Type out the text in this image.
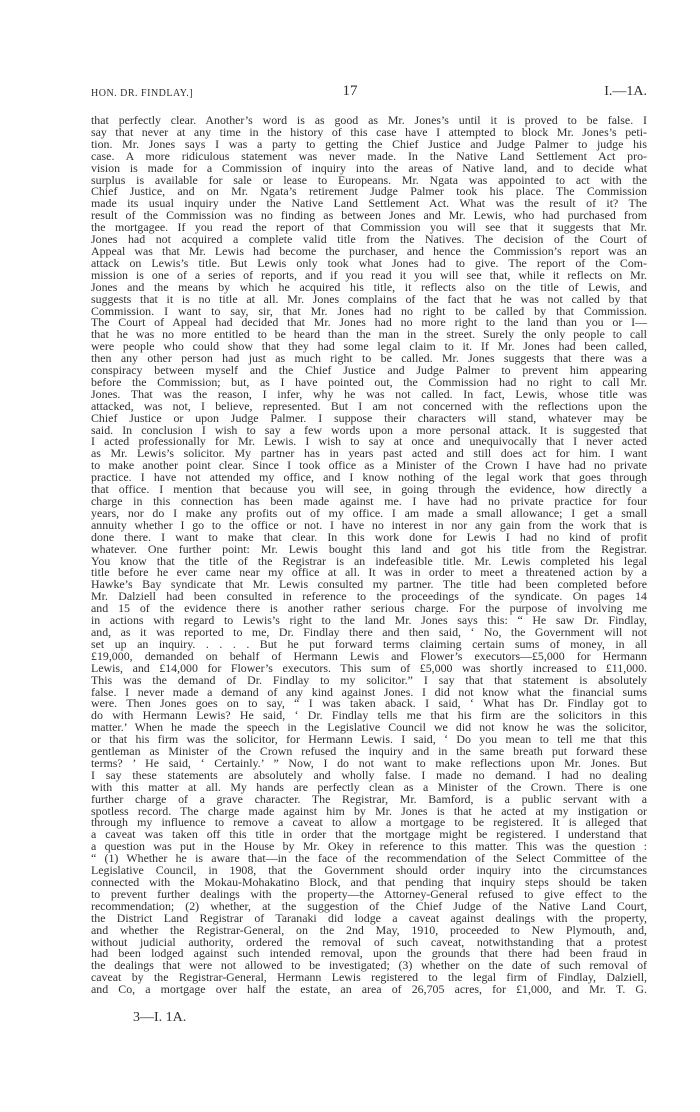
HON. DR. FINDLAY.]	17	I.—1A.
that perfectly clear. Another’s word is as good as Mr. Jones’s until it is proved to be false. I
say that never at any time in the history of this case have I attempted to block Mr. Jones’s peti-
tion. Mr. Jones says I was a party to getting the Chief Justice and Judge Palmer to judge his
case. A more ridiculous statement was never made. In the Native Land Settlement Act pro-
vision is made for a Commission of inquiry into the areas of Native land, and to decide what
surplus is available for sale or lease to Europeans. Mr. Ngata was appointed to act with the
Chief Justice, and on Mr. Ngata’s retirement Judge Palmer took his place. The Commission
made its usual inquiry under the Native Land Settlement Act. What was the result of it? The
result of the Commission was no finding as between Jones and Mr. Lewis, who had purchased from
the mortgagee. If you read the report of that Commission you will see that it suggests that Mr.
Jones had not acquired a complete valid title from the Natives. The decision of the Court of
Appeal was that Mr. Lewis had become the purchaser, and hence the Commission’s report was an
attack on Lewis’s title. But Lewis only took what Jones had to give. The report of the Com-
mission is one of a series of reports, and if you read it you will see that, while it reflects on Mr.
Jones and the means by which he acquired his title, it reflects also on the title of Lewis, and
suggests that it is no title at all. Mr. Jones complains of the fact that he was not called by that
Commission. I want to say, sir, that Mr. Jones had no right to be called by that Commission.
The Court of Appeal had decided that Mr. Jones had no more right to the land than you or I—
that he was no more entitled to be heard than the man in the street. Surely the only people to call
were people who could show that they had some legal claim to it. If Mr. Jones had been called,
then any other person had just as much right to be called. Mr. Jones suggests that there was a
conspiracy between myself and the Chief Justice and Judge Palmer to prevent him appearing
before the Commission; but, as I have pointed out, the Commission had no right to call Mr.
Jones. That was the reason, I infer, why he was not called. In fact, Lewis, whose title was
attacked, was not, I believe, represented. But I am not concerned with the reflections upon the
Chief Justice or upon Judge Palmer. I suppose their characters will stand, whatever may be
said. In conclusion I wish to say a few words upon a more personal attack. It is suggested that
I acted professionally for Mr. Lewis. I wish to say at once and unequivocally that I never acted
as Mr. Lewis’s solicitor. My partner has in years past acted and still does act for him. I want
to make another point clear. Since I took office as a Minister of the Crown I have had no private
practice. I have not attended my office, and I know nothing of the legal work that goes through
that office. I mention that because you will see, in going through the evidence, how directly a
charge in this connection has been made against me. I have had no private practice for four
years, nor do I make any profits out of my office. I am made a small allowance; I get a small
annuity whether I go to the office or not. I have no interest in nor any gain from the work that is
done there. I want to make that clear. In this work done for Lewis I had no kind of profit
whatever. One further point: Mr. Lewis bought this land and got his title from the Registrar.
You know that the title of the Registrar is an indefeasible title. Mr. Lewis completed his legal
title before he ever came near my office at all. It was in order to meet a threatened action by a
Hawke’s Bay syndicate that Mr. Lewis consulted my partner. The title had been completed before
Mr. Dalziell had been consulted in reference to the proceedings of the syndicate. On pages 14
and 15 of the evidence there is another rather serious charge. For the purpose of involving me
in actions with regard to Lewis’s right to the land Mr. Jones says this: “ He saw Dr. Findlay,
and, as it was reported to me, Dr. Findlay there and then said, ‘ No, the Government will not
set up an inquiry. . . . . But he put forward terms claiming certain sums of money, in all
£19,000, demanded on behalf of Hermann Lewis and Flower’s executors—£5,000 for Hermann
Lewis, and £14,000 for Flower’s executors. This sum of £5,000 was shortly increased to £11,000.
This was the demand of Dr. Findlay to my solicitor.” I say that that statement is absolutely
false. I never made a demand of any kind against Jones. I did not know what the financial sums
were. Then Jones goes on to say, “ I was taken aback. I said, ‘ What has Dr. Findlay got to
do with Hermann Lewis? He said, ‘ Dr. Findlay tells me that his firm are the solicitors in this
matter.’ When he made the speech in the Legislative Council we did not know he was the solicitor,
or that his firm was the solicitor, for Hermann Lewis. I said, ‘ Do you mean to tell me that this
gentleman as Minister of the Crown refused the inquiry and in the same breath put forward these
terms? ’ He said, ‘ Certainly.’ ” Now, I do not want to make reflections upon Mr. Jones. But
I say these statements are absolutely and wholly false. I made no demand. I had no dealing
with this matter at all. My hands are perfectly clean as a Minister of the Crown. There is one
further charge of a grave character. The Registrar, Mr. Bamford, is a public servant with a
spotless record. The charge made against him by Mr. Jones is that he acted at my instigation or
through my influence to remove a caveat to allow a mortgage to be registered. It is alleged that
a caveat was taken off this title in order that the mortgage might be registered. I understand that
a question was put in the House by Mr. Okey in reference to this matter. This was the question :
“ (1) Whether he is aware that—in the face of the recommendation of the Select Committee of the
Legislative Council, in 1908, that the Government should order inquiry into the circumstances
connected with the Mokau-Mohakatino Block, and that pending that inquiry steps should be taken
to prevent further dealings with the property—the Attorney-General refused to give effect to the
recommendation; (2) whether, at the suggestion of the Chief Judge of the Native Land Court,
the District Land Registrar of Taranaki did lodge a caveat against dealings with the property,
and whether the Registrar-General, on the 2nd May, 1910, proceeded to New Plymouth, and,
without judicial authority, ordered the removal of such caveat, notwithstanding that a protest
had been lodged against such intended removal, upon the grounds that there had been fraud in
the dealings that were not allowed to be investigated; (3) whether on the date of such removal of
caveat by the Registrar-General, Hermann Lewis registered to the legal firm of Findlay, Dalziell,
and Co, a mortgage over half the estate, an area of 26,705 acres, for £1,000, and Mr. T. G.
3—I. 1A.
